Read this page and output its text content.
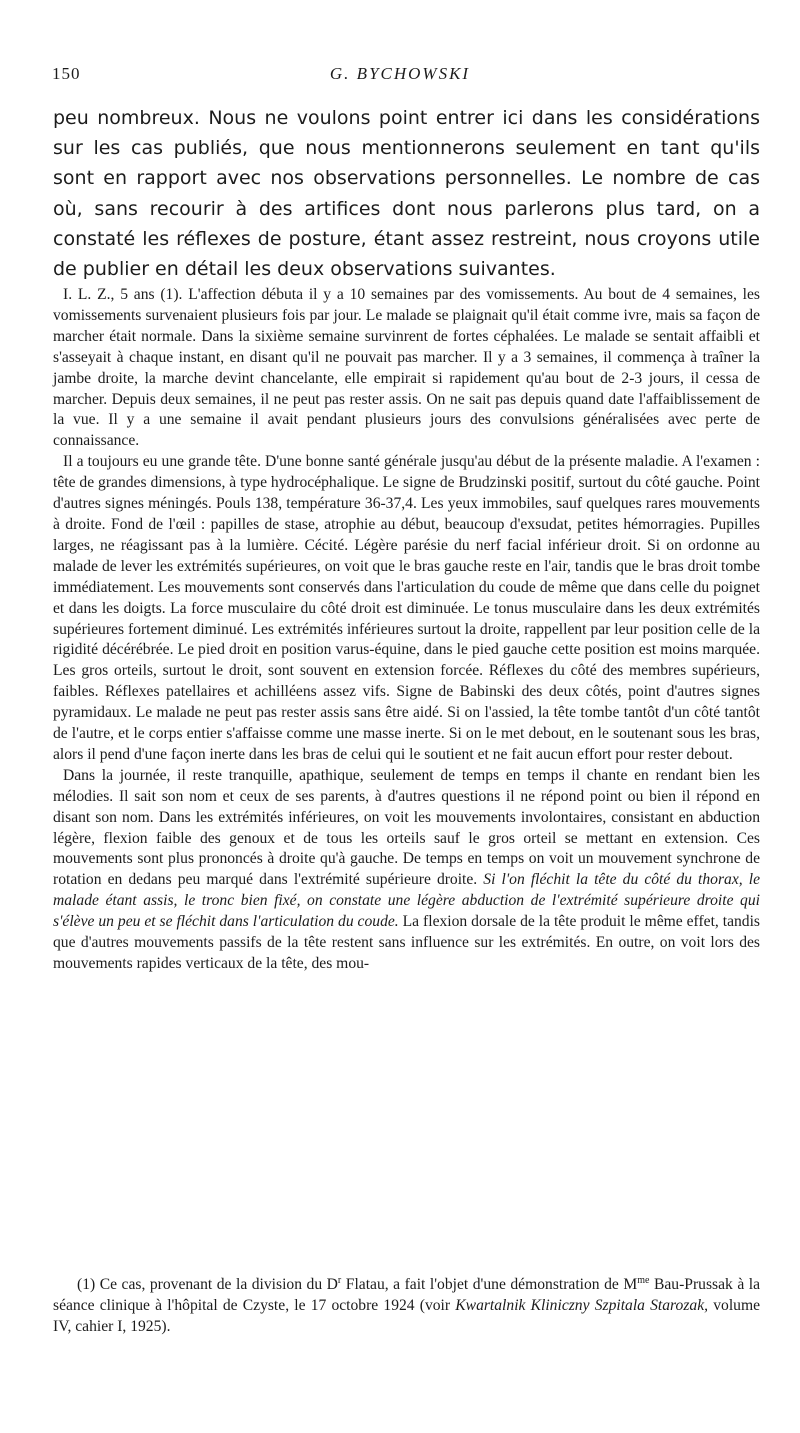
150	G. BYCHOWSKI

peu nombreux. Nous ne voulons point entrer ici dans les considérations sur les cas publiés, que nous mentionnerons seulement en tant qu'ils sont en rapport avec nos observations personnelles. Le nombre de cas où, sans recourir à des artifices dont nous parlerons plus tard, on a constaté les réflexes de posture, étant assez restreint, nous croyons utile de publier en détail les deux observations suivantes.

I. L. Z., 5 ans (1). L'affection débuta il y a 10 semaines par des vomissements. Au bout de 4 semaines, les vomissements survenaient plusieurs fois par jour. Le malade se plaignait qu'il était comme ivre, mais sa façon de marcher était normale. Dans la sixième semaine survinrent de fortes céphalées. Le malade se sentait affaibli et s'asseyait à chaque instant, en disant qu'il ne pouvait pas marcher. Il y a 3 semaines, il commença à traîner la jambe droite, la marche devint chancelante, elle empirait si rapidement qu'au bout de 2-3 jours, il cessa de marcher. Depuis deux semaines, il ne peut pas rester assis. On ne sait pas depuis quand date l'affaiblissement de la vue. Il y a une semaine il avait pendant plusieurs jours des convulsions généralisées avec perte de connaissance.

Il a toujours eu une grande tête. D'une bonne santé générale jusqu'au début de la présente maladie. A l'examen : tête de grandes dimensions, à type hydrocéphalique. Le signe de Brudzinski positif, surtout du côté gauche. Point d'autres signes méningés. Pouls 138, température 36-37,4. Les yeux immobiles, sauf quelques rares mouvements à droite. Fond de l'œil : papilles de stase, atrophie au début, beaucoup d'exsudat, petites hémorragies. Pupilles larges, ne réagissant pas à la lumière. Cécité. Légère parésie du nerf facial inférieur droit. Si on ordonne au malade de lever les extrémités supérieures, on voit que le bras gauche reste en l'air, tandis que le bras droit tombe immédiatement. Les mouvements sont conservés dans l'articulation du coude de même que dans celle du poignet et dans les doigts. La force musculaire du côté droit est diminuée. Le tonus musculaire dans les deux extrémités supérieures fortement diminué. Les extrémités inférieures surtout la droite, rappellent par leur position celle de la rigidité décérébrée. Le pied droit en position varus-équine, dans le pied gauche cette position est moins marquée. Les gros orteils, surtout le droit, sont souvent en extension forcée. Réflexes du côté des membres supérieurs, faibles. Réflexes patellaires et achilléens assez vifs. Signe de Babinski des deux côtés, point d'autres signes pyramidaux. Le malade ne peut pas rester assis sans être aidé. Si on l'assied, la tête tombe tantôt d'un côté tantôt de l'autre, et le corps entier s'affaisse comme une masse inerte. Si on le met debout, en le soutenant sous les bras, alors il pend d'une façon inerte dans les bras de celui qui le soutient et ne fait aucun effort pour rester debout.

Dans la journée, il reste tranquille, apathique, seulement de temps en temps il chante en rendant bien les mélodies. Il sait son nom et ceux de ses parents, à d'autres questions il ne répond point ou bien il répond en disant son nom. Dans les extrémités inférieures, on voit les mouvements involontaires, consistant en abduction légère, flexion faible des genoux et de tous les orteils sauf le gros orteil se mettant en extension. Ces mouvements sont plus prononcés à droite qu'à gauche. De temps en temps on voit un mouvement synchrone de rotation en dedans peu marqué dans l'extrémité supérieure droite. Si l'on fléchit la tête du côté du thorax, le malade étant assis, le tronc bien fixé, on constate une légère abduction de l'extrémité supérieure droite qui s'élève un peu et se fléchit dans l'articulation du coude. La flexion dorsale de la tête produit le même effet, tandis que d'autres mouvements passifs de la tête restent sans influence sur les extrémités. En outre, on voit lors des mouvements rapides verticaux de la tête, des mou-

(1) Ce cas, provenant de la division du $D^r$ Flatau, a fait l'objet d'une démonstration de $M^{me}$ Bau-Prussak à la séance clinique à l'hôpital de Czyste, le 17 octobre 1924 (voir Kwartalnik Kliniczny Szpitala Starozak, volume IV, cahier I, 1925).
